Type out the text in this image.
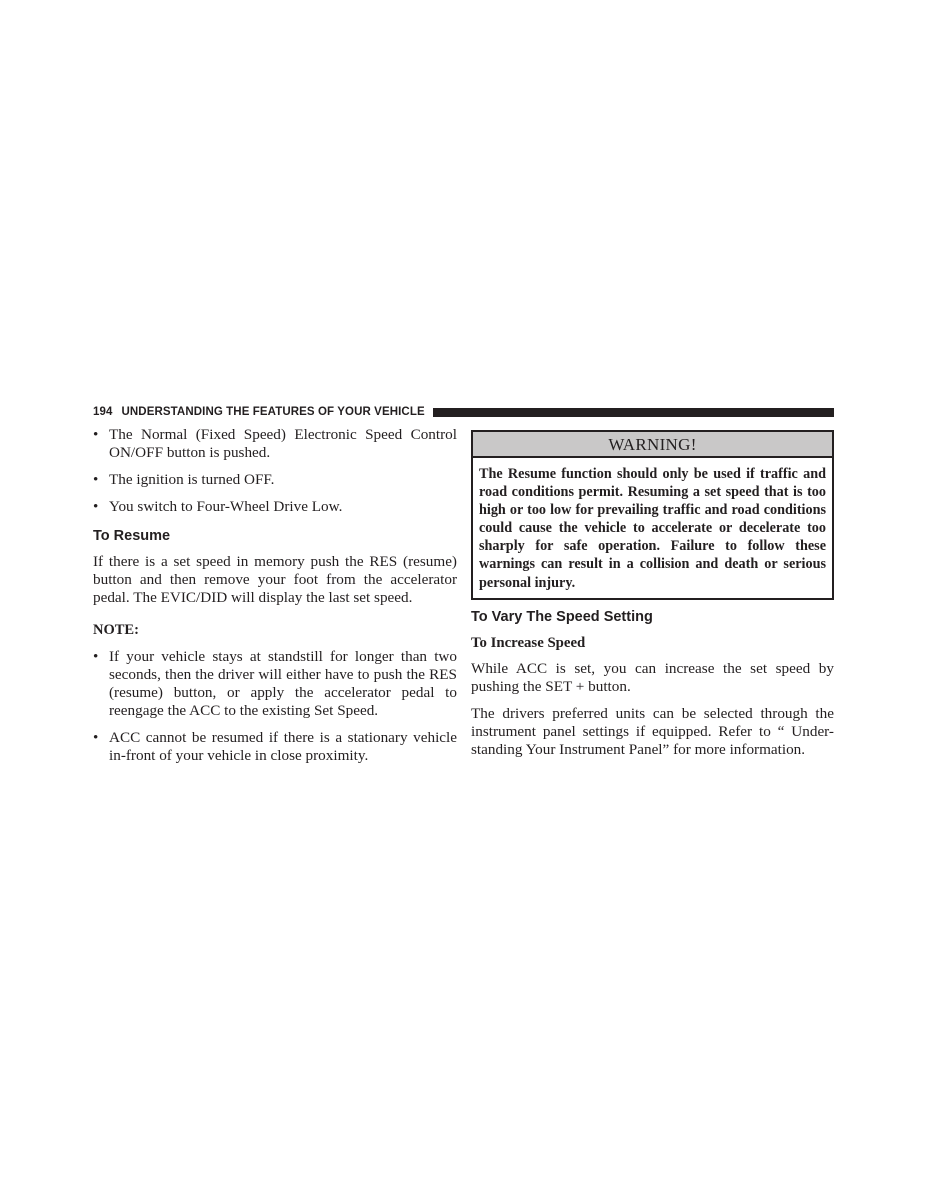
194 UNDERSTANDING THE FEATURES OF YOUR VEHICLE
• The Normal (Fixed Speed) Electronic Speed Control ON/OFF button is pushed.
• The ignition is turned OFF.
• You switch to Four-Wheel Drive Low.
To Resume

If there is a set speed in memory push the RES (resume) button and then remove your foot from the accelerator pedal. The EVIC/DID will display the last set speed.

NOTE:

• If your vehicle stays at standstill for longer than two seconds, then the driver will either have to push the RES (resume) button, or apply the accelerator pedal to reengage the ACC to the existing Set Speed.
• ACC cannot be resumed if there is a stationary vehicle in-front of your vehicle in close proximity.
WARNING!
The Resume function should only be used if traffic and road conditions permit. Resuming a set speed that is too high or too low for prevailing traffic and road conditions could cause the vehicle to accelerate or decelerate too sharply for safe operation. Failure to follow these warnings can result in a collision and death or serious personal injury.
To Vary The Speed Setting
To Increase Speed

While ACC is set, you can increase the set speed by pushing the SET + button.

The drivers preferred units can be selected through the instrument panel settings if equipped. Refer to “ Under-standing Your Instrument Panel” for more information.
